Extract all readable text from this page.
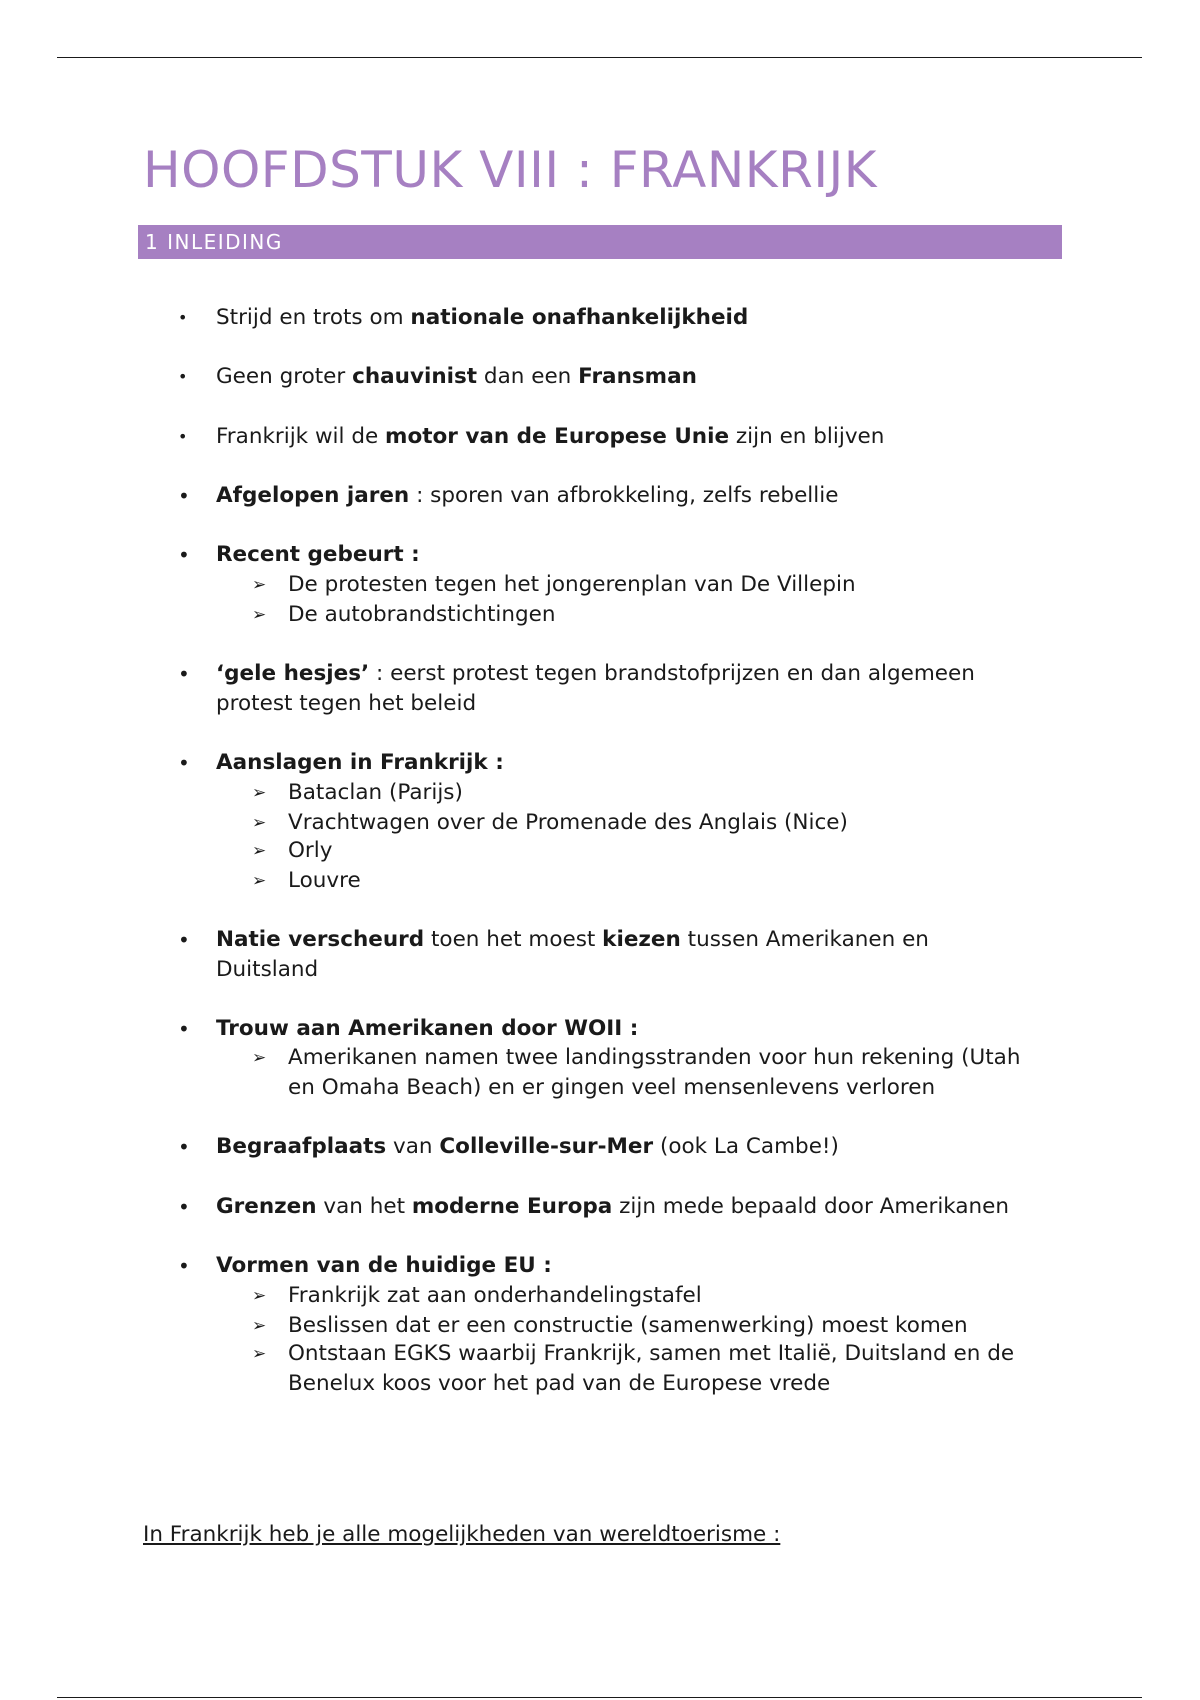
HOOFDSTUK VIII : FRANKRIJK
1 INLEIDING
• Strijd en trots om nationale onafhankelijkheid
• Geen groter chauvinist dan een Fransman
• Frankrijk wil de motor van de Europese Unie zijn en blijven
• Afgelopen jaren : sporen van afbrokkeling, zelfs rebellie
• Recent gebeurt :
➢ De protesten tegen het jongerenplan van De Villepin
➢ De autobrandstichtingen
• ‘gele hesjes’ : eerst protest tegen brandstofprijzen en dan algemeen
protest tegen het beleid
• Aanslagen in Frankrijk :
➢ Bataclan (Parijs)
➢ Vrachtwagen over de Promenade des Anglais (Nice)
➢ Orly
➢ Louvre
• Natie verscheurd toen het moest kiezen tussen Amerikanen en
Duitsland
• Trouw aan Amerikanen door WOII :
➢ Amerikanen namen twee landingsstranden voor hun rekening (Utah
en Omaha Beach) en er gingen veel mensenlevens verloren
• Begraafplaats van Colleville-sur-Mer (ook La Cambe!)
• Grenzen van het moderne Europa zijn mede bepaald door Amerikanen
• Vormen van de huidige EU :
➢ Frankrijk zat aan onderhandelingstafel
➢ Beslissen dat er een constructie (samenwerking) moest komen
➢ Ontstaan EGKS waarbij Frankrijk, samen met Italië, Duitsland en de
Benelux koos voor het pad van de Europese vrede
In Frankrijk heb je alle mogelijkheden van wereldtoerisme :
